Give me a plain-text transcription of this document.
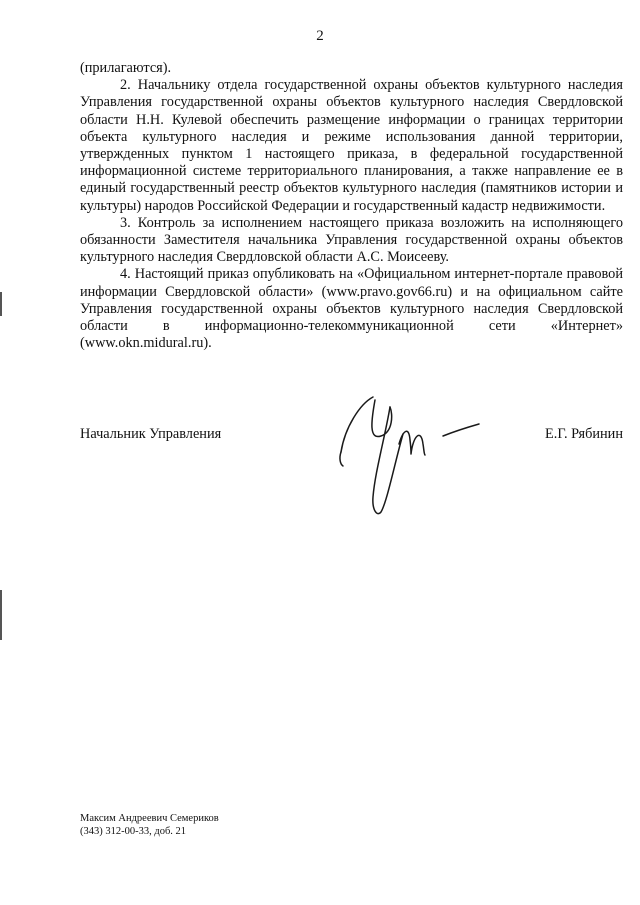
2

(прилагаются).

2. Начальнику отдела государственной охраны объектов культурного наследия Управления государственной охраны объектов культурного наследия Свердловской области Н.Н. Кулевой обеспечить размещение информации о границах территории объекта культурного наследия и режиме использования данной территории, утвержденных пунктом 1 настоящего приказа, в федеральной государственной информационной системе территориального планирования, а также направление ее в единый государственный реестр объектов культурного наследия (памятников истории и культуры) народов Российской Федерации и государственный кадастр недвижимости.

3. Контроль за исполнением настоящего приказа возложить на исполняющего обязанности Заместителя начальника Управления государственной охраны объектов культурного наследия Свердловской области А.С. Моисееву.

4. Настоящий приказ опубликовать на «Официальном интернет-портале правовой информации Свердловской области» (www.pravo.gov66.ru) и на официальном сайте Управления государственной охраны объектов культурного наследия Свердловской области в информационно-телекоммуникационной сети «Интернет» (www.okn.midural.ru).

Начальник Управления	Е.Г. Рябинин
Максим Андреевич Семериков
(343) 312-00-33, доб. 21
